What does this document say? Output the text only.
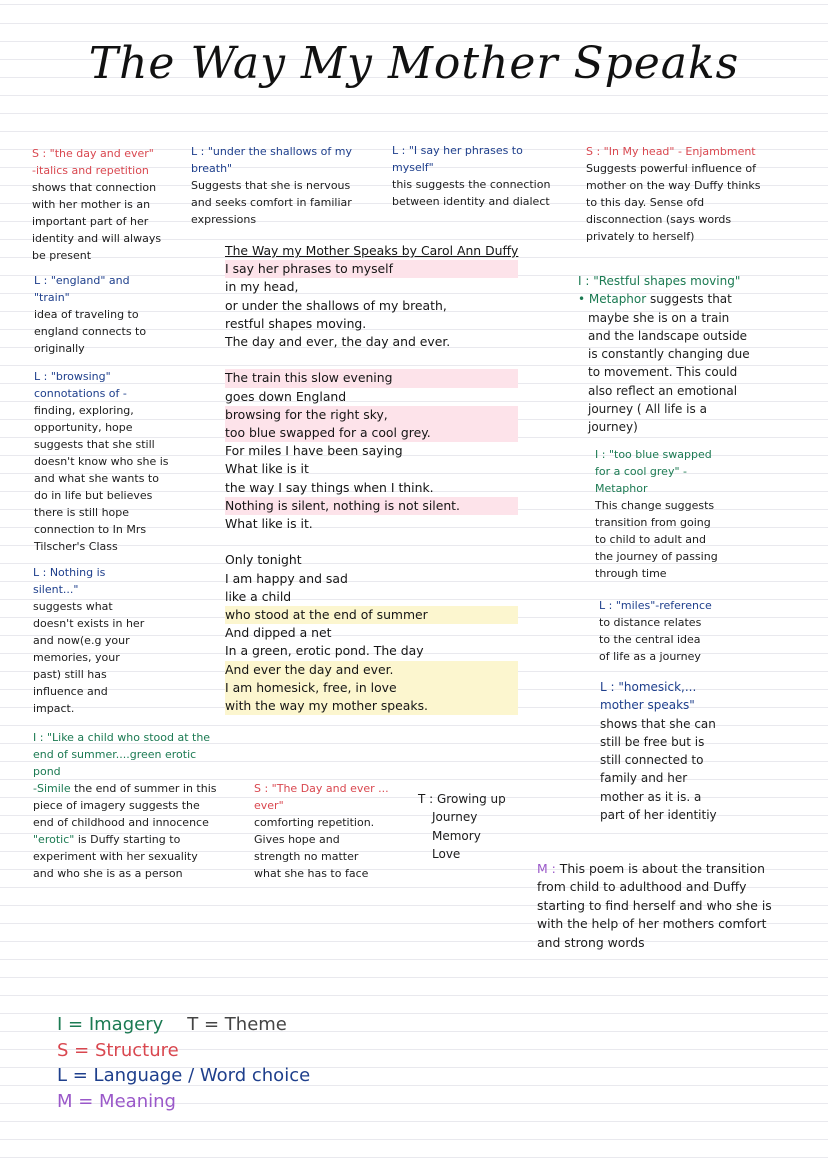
The Way My Mother Speaks
The Way my Mother Speaks by Carol Ann Duffy
I say her phrases to myself
in my head,
or under the shallows of my breath,
restful shapes moving.
The day and ever, the day and ever.
The train this slow evening
goes down England
browsing for the right sky,
too blue swapped for a cool grey.
For miles I have been saying
What like is it
the way I say things when I think.
Nothing is silent, nothing is not silent.
What like is it.
Only tonight
I am happy and sad
like a child
who stood at the end of summer
And dipped a net
In a green, erotic pond. The day
And ever the day and ever.
I am homesick, free, in love
with the way my mother speaks.
S : "the day and ever"
-italics and repetition
shows that connection
with her mother is an
important part of her
identity and will always
be present
L : "under the shallows of my
breath"
Suggests that she is nervous
and seeks comfort in familiar
expressions
L : "I say her phrases to
myself"
this suggests the connection
between identity and dialect
S : "In My head" - Enjambment
Suggests powerful influence of
mother on the way Duffy thinks
to this day. Sense ofd
disconnection (says words
privately to herself)
L : "england" and
"train"
idea of traveling to
england connects to
originally
I : "Restful shapes moving"
• Metaphor suggests that
maybe she is on a train
and the landscape outside
is constantly changing due
to movement. This could
also reflect an emotional
journey ( All life is a
journey)
L : "browsing"
connotations of -
finding, exploring,
opportunity, hope
suggests that she still
doesn't know who she is
and what she wants to
do in life but believes
there is still hope
connection to In Mrs
Tilscher's Class
I : "too blue swapped
for a cool grey" -
Metaphor
This change suggests
transition from going
to child to adult and
the journey of passing
through time
L : Nothing is
silent..."
suggests what
doesn't exists in her
and now(e.g your
memories, your
past) still has
influence and
impact.
L : "miles"-reference
to distance relates
to the central idea
of life as a journey
L : "homesick,...
mother speaks"
shows that she can
still be free but is
still connected to
family and her
mother as it is. a
part of her identitiy
I : "Like a child who stood at the
end of summer....green erotic
pond
-Simile the end of summer in this
piece of imagery suggests the
end of childhood and innocence
"erotic" is Duffy starting to
experiment with her sexuality
and who she is as a person
S : "The Day and ever ...
ever"
comforting repetition.
Gives hope and
strength no matter
what she has to face
T : Growing up
Journey
Memory
Love
M : This poem is about the transition
from child to adulthood and Duffy
starting to find herself and who she is
with the help of her mothers comfort
and strong words
I = Imagery T = Theme
S = Structure
L = Language / Word choice
M = Meaning
